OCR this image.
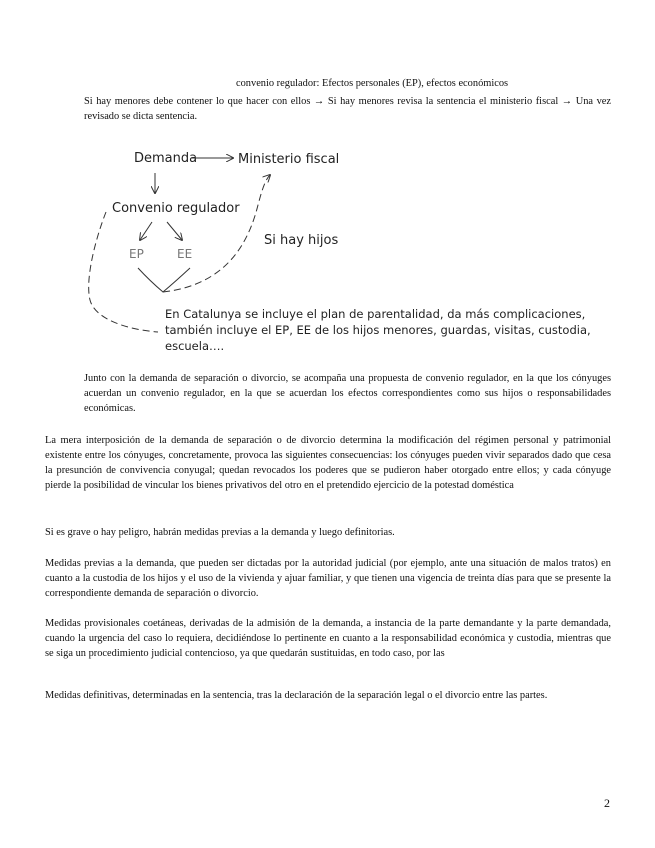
convenio regulador: Efectos personales (EP), efectos económicos

Si hay menores debe contener lo que hacer con ellos → Si hay menores revisa la sentencia el ministerio fiscal → Una vez revisado se dicta sentencia.

Demanda	Ministerio fiscal
Convenio regulador
EP	EE
Si hay hijos
En Catalunya se incluye el plan de parentalidad, da más complicaciones,
también incluye el EP, EE de los hijos menores, guardas, visitas, custodia,
escuela….

Junto con la demanda de separación o divorcio, se acompaña una propuesta de convenio regulador, en la que los cónyuges acuerdan un convenio regulador, en la que se acuerdan los efectos correspondientes como sus hijos o responsabilidades económicas.

La mera interposición de la demanda de separación o de divorcio determina la modificación del régimen personal y patrimonial existente entre los cónyuges, concretamente, provoca las siguientes consecuencias: los cónyuges pueden vivir separados dado que cesa la presunción de convivencia conyugal; quedan revocados los poderes que se pudieron haber otorgado entre ellos; y cada cónyuge pierde la posibilidad de vincular los bienes privativos del otro en el pretendido ejercicio de la potestad doméstica

Si es grave o hay peligro, habrán medidas previas a la demanda y luego definitorias.

Medidas previas a la demanda, que pueden ser dictadas por la autoridad judicial (por ejemplo, ante una situación de malos tratos) en cuanto a la custodia de los hijos y el uso de la vivienda y ajuar familiar, y que tienen una vigencia de treinta días para que se presente la correspondiente demanda de separación o divorcio.

Medidas provisionales coetáneas, derivadas de la admisión de la demanda, a instancia de la parte demandante y la parte demandada, cuando la urgencia del caso lo requiera, decidiéndose lo pertinente en cuanto a la responsabilidad económica y custodia, mientras que se siga un procedimiento judicial contencioso, ya que quedarán sustituidas, en todo caso, por las

Medidas definitivas, determinadas en la sentencia, tras la declaración de la separación legal o el divorcio entre las partes.

2
